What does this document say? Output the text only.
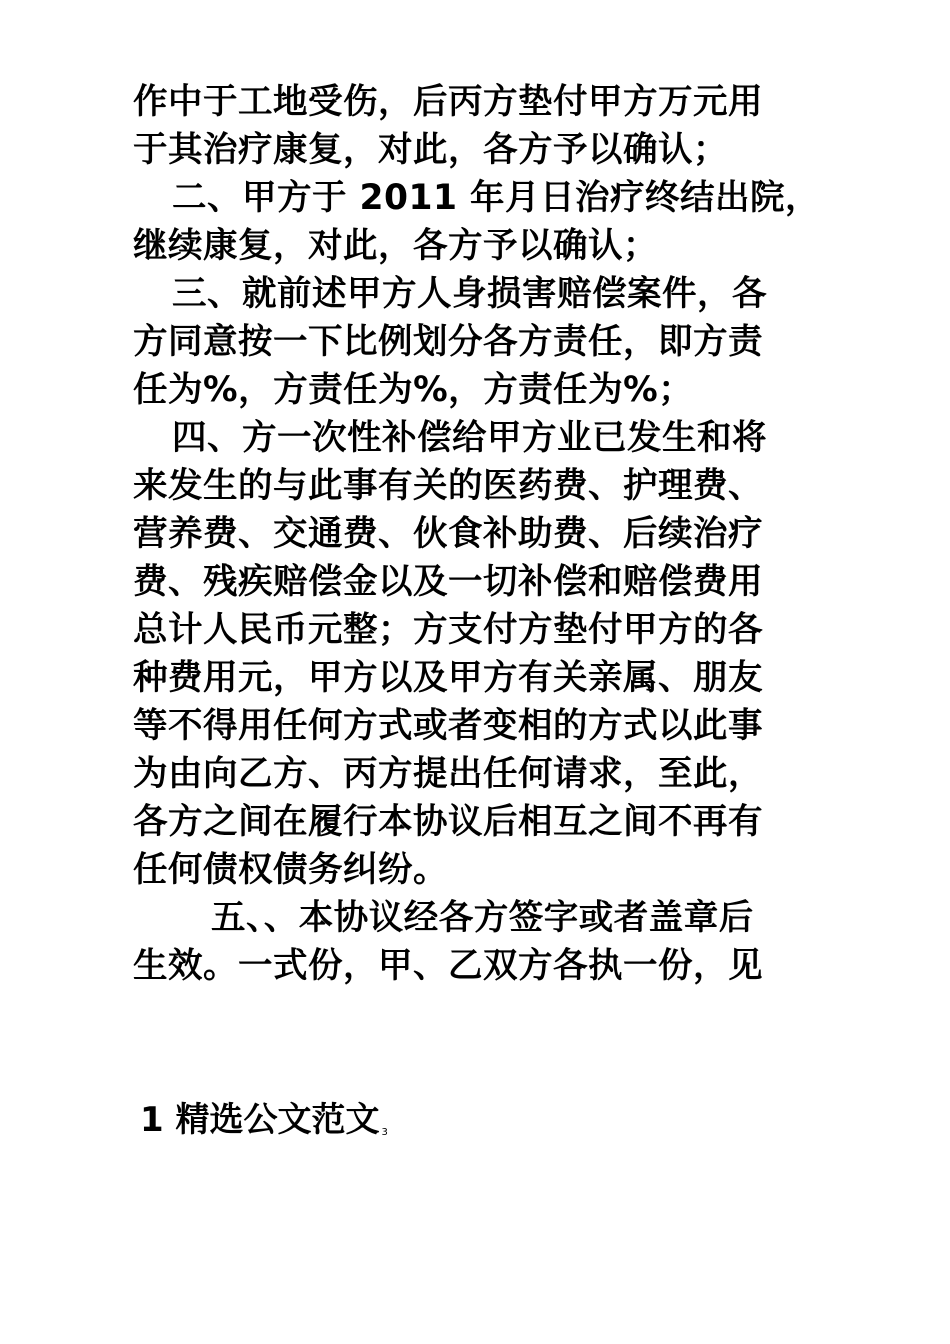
作中于工地受伤，后丙方垫付甲方万元用
于其治疗康复，对此，各方予以确认；
二、甲方于 2011 年月日治疗终结出院，
继续康复，对此，各方予以确认；
三、就前述甲方人身损害赔偿案件，各
方同意按一下比例划分各方责任，即方责
任为%，方责任为%，方责任为%；
四、方一次性补偿给甲方业已发生和将
来发生的与此事有关的医药费、护理费、
营养费、交通费、伙食补助费、后续治疗
费、残疾赔偿金以及一切补偿和赔偿费用
总计人民币元整；方支付方垫付甲方的各
种费用元，甲方以及甲方有关亲属、朋友
等不得用任何方式或者变相的方式以此事
为由向乙方、丙方提出任何请求，至此，
各方之间在履行本协议后相互之间不再有
任何债权债务纠纷。
五、、本协议经各方签字或者盖章后
生效。一式份，甲、乙双方各执一份，见
1 精选公文范文 3
